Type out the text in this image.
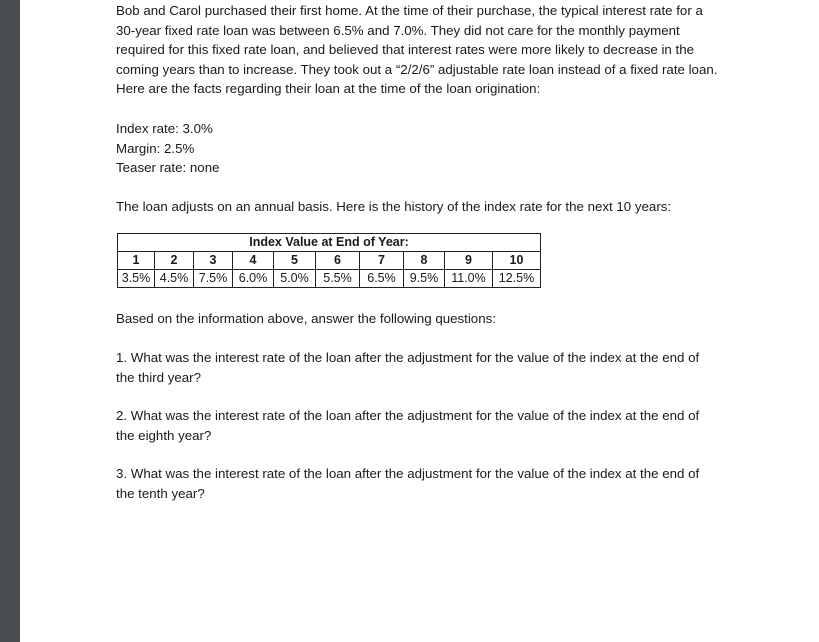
Bob and Carol purchased their first home. At the time of their purchase, the typical interest rate for a
30-year fixed rate loan was between 6.5% and 7.0%. They did not care for the monthly payment
required for this fixed rate loan, and believed that interest rates were more likely to decrease in the
coming years than to increase. They took out a “2/2/6” adjustable rate loan instead of a fixed rate loan.
Here are the facts regarding their loan at the time of the loan origination:
Index rate: 3.0%
Margin: 2.5%
Teaser rate: none

The loan adjusts on an annual basis. Here is the history of the index rate for the next 10 years:

Index Value at End of Year:									
1	2	3	4	5	6	7	8	9	10
3.5%	4.5%	7.5%	6.0%	5.0%	5.5%	6.5%	9.5%	11.0%	12.5%

Based on the information above, answer the following questions:

1. What was the interest rate of the loan after the adjustment for the value of the index at the end of
the third year?
2. What was the interest rate of the loan after the adjustment for the value of the index at the end of
the eighth year?
3. What was the interest rate of the loan after the adjustment for the value of the index at the end of
the tenth year?
